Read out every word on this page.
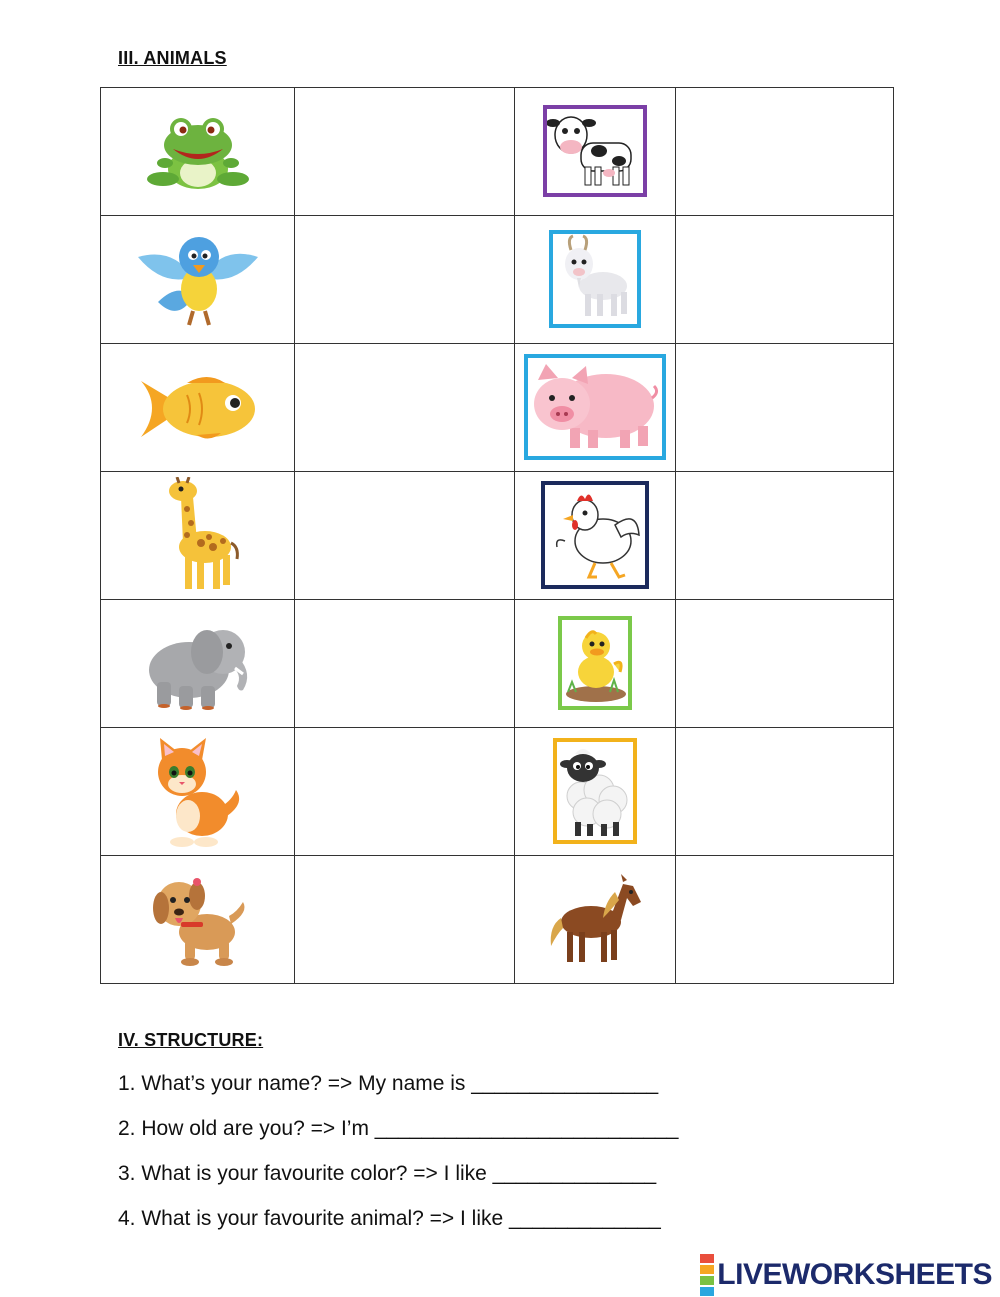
III. ANIMALS

IV. STRUCTURE:
1. What’s your name? => My name is ________________
2. How old are you? => I’m __________________________
3. What is your favourite color? => I like ______________
4. What is your favourite animal? => I like _____________
LIVEWORKSHEETS
